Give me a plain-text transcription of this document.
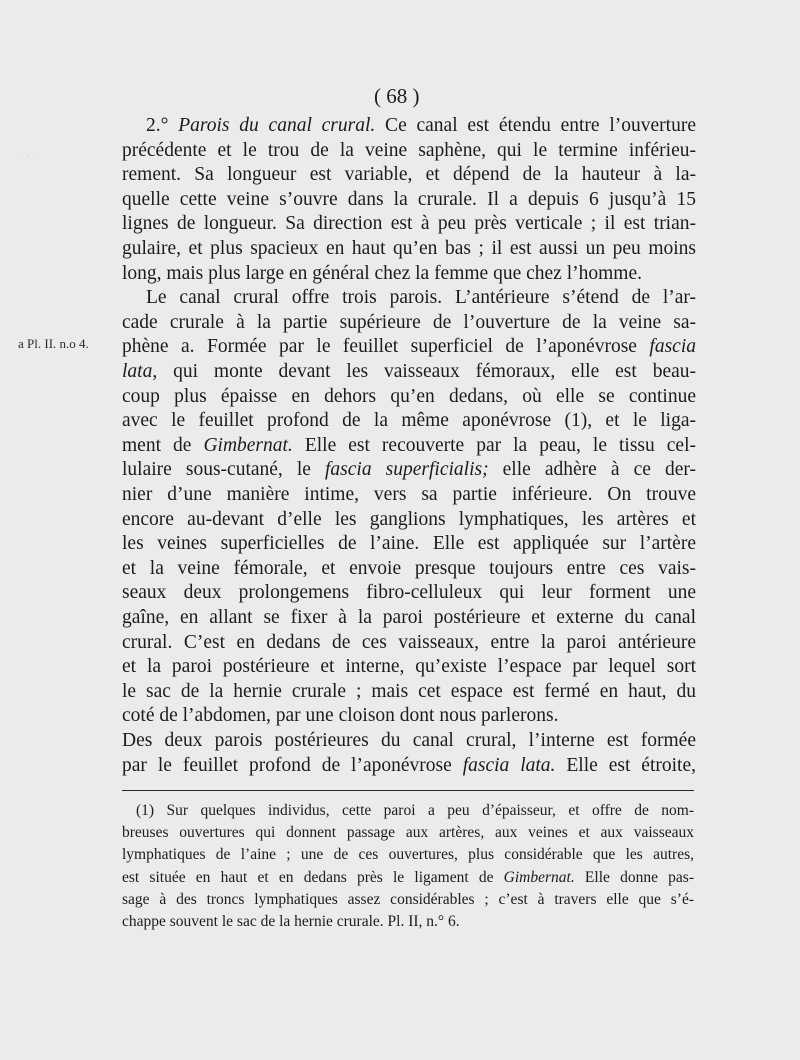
· · ·
( 68 )
a Pl. II. n.o 4.
2.° Parois du canal crural. Ce canal est étendu entre l’ouverture
précédente et le trou de la veine saphène, qui le termine inférieu-
rement. Sa longueur est variable, et dépend de la hauteur à la-
quelle cette veine s’ouvre dans la crurale. Il a depuis 6 jusqu’à 15
lignes de longueur. Sa direction est à peu près verticale ; il est trian-
gulaire, et plus spacieux en haut qu’en bas ; il est aussi un peu moins
long, mais plus large en général chez la femme que chez l’homme.
Le canal crural offre trois parois. L’antérieure s’étend de l’ar-
cade crurale à la partie supérieure de l’ouverture de la veine sa-
phène a. Formée par le feuillet superficiel de l’aponévrose fascia
lata, qui monte devant les vaisseaux fémoraux, elle est beau-
coup plus épaisse en dehors qu’en dedans, où elle se continue
avec le feuillet profond de la même aponévrose (1), et le liga-
ment de Gimbernat. Elle est recouverte par la peau, le tissu cel-
lulaire sous-cutané, le fascia superficialis; elle adhère à ce der-
nier d’une manière intime, vers sa partie inférieure. On trouve
encore au-devant d’elle les ganglions lymphatiques, les artères et
les veines superficielles de l’aine. Elle est appliquée sur l’artère
et la veine fémorale, et envoie presque toujours entre ces vais-
seaux deux prolongemens fibro-celluleux qui leur forment une
gaîne, en allant se fixer à la paroi postérieure et externe du canal
crural. C’est en dedans de ces vaisseaux, entre la paroi antérieure
et la paroi postérieure et interne, qu’existe l’espace par lequel sort
le sac de la hernie crurale ; mais cet espace est fermé en haut, du
coté de l’abdomen, par une cloison dont nous parlerons.
Des deux parois postérieures du canal crural, l’interne est formée
par le feuillet profond de l’aponévrose fascia lata. Elle est étroite,
(1) Sur quelques individus, cette paroi a peu d’épaisseur, et offre de nom-
breuses ouvertures qui donnent passage aux artères, aux veines et aux vaisseaux
lymphatiques de l’aine ; une de ces ouvertures, plus considérable que les autres,
est située en haut et en dedans près le ligament de Gimbernat. Elle donne pas-
sage à des troncs lymphatiques assez considérables ; c’est à travers elle que s’é-
chappe souvent le sac de la hernie crurale. Pl. II, n.° 6.
